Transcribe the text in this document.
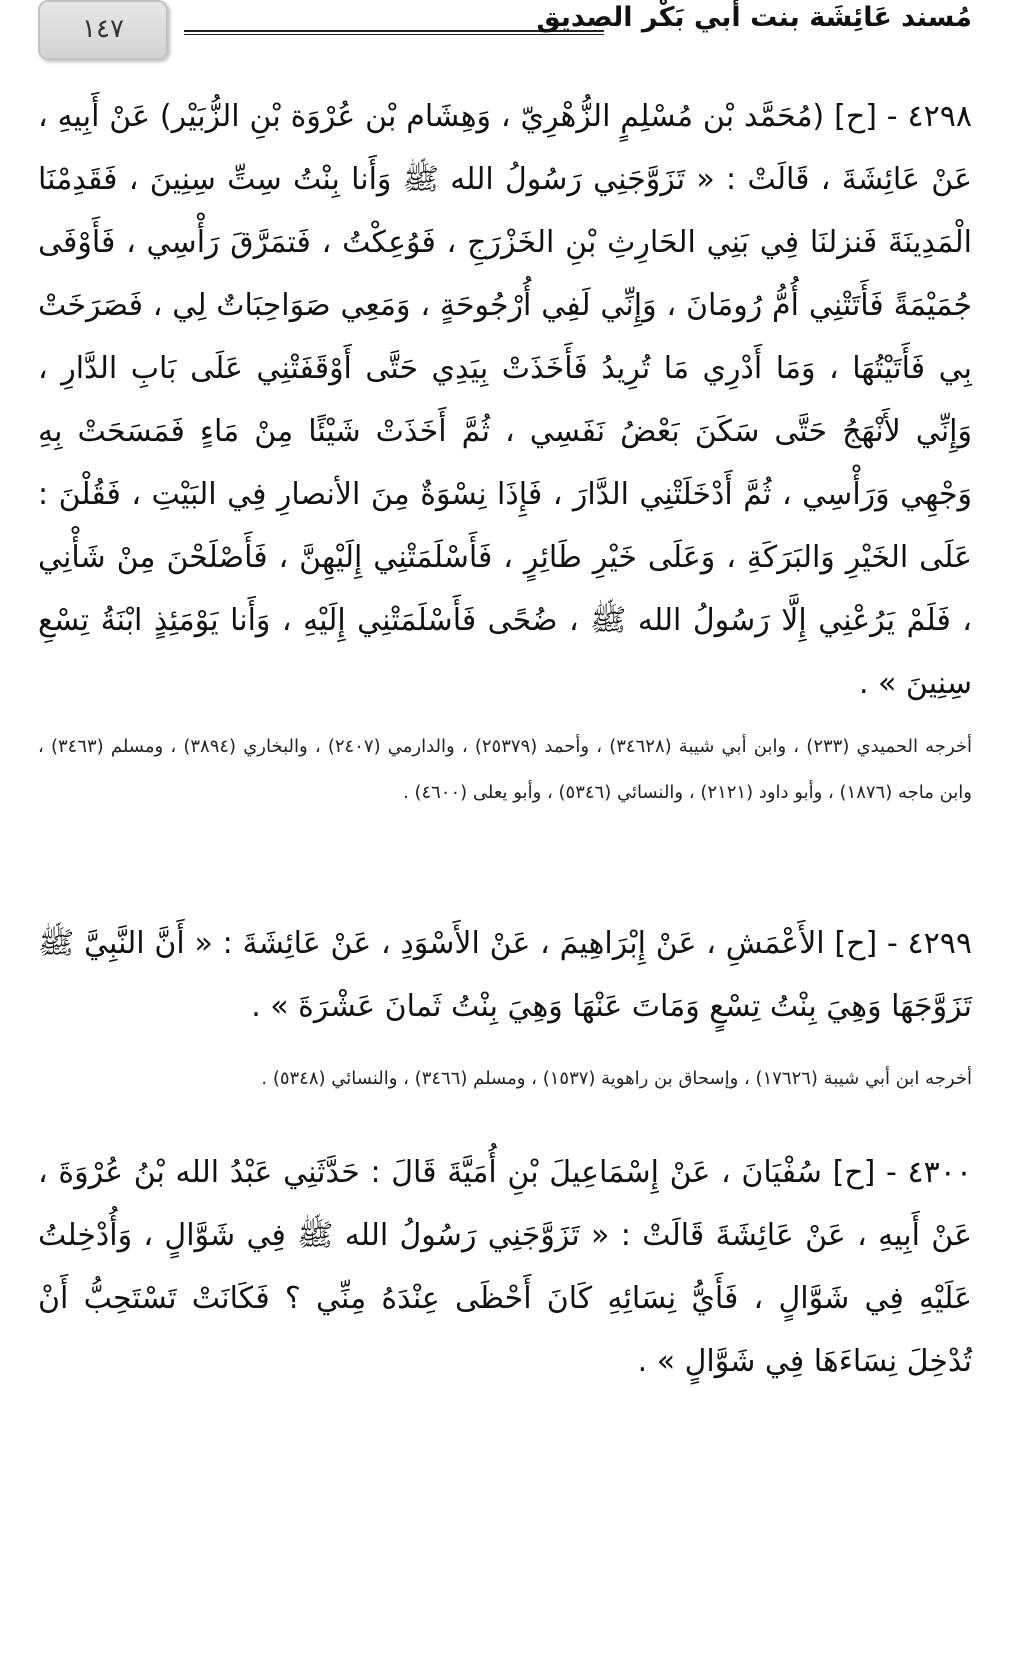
١٤٧	مُسند عَائِشَة بنت أبي بَكْر الصديق

٤٢٩٨ - [ح] (مُحَمَّد بْن مُسْلِمٍ الزُّهْرِيّ ، وَهِشَام بْن عُرْوَة بْنِ الزُّبَيْر) عَنْ أَبِيهِ ، عَنْ عَائِشَةَ ، قَالَتْ : « تَزَوَّجَنِي رَسُولُ الله ﷺ وَأَنا بِنْتُ سِتِّ سِنِينَ ، فَقَدِمْنَا الْمَدِينَةَ فَنزلنَا فِي بَنِي الحَارِثِ بْنِ الخَزْرَجِ ، فَوُعِكْتُ ، فَتمَرَّقَ رَأْسِي ، فَأَوْفَى جُمَيْمَةً فَأَتَتْنِي أُمُّ رُومَانَ ، وَإِنِّي لَفِي أُرْجُوحَةٍ ، وَمَعِي صَوَاحِبَاتٌ لِي ، فَصَرَخَتْ بِي فَأَتَيْتُهَا ، وَمَا أَدْرِي مَا تُرِيدُ فَأَخَذَتْ بِيَدِي حَتَّى أَوْقَفَتْنِي عَلَى بَابِ الدَّارِ ، وَإِنِّي لأَنْهَجُ حَتَّى سَكَنَ بَعْضُ نَفَسِي ، ثُمَّ أَخَذَتْ شَيْئًا مِنْ مَاءٍ فَمَسَحَتْ بِهِ وَجْهِي وَرَأْسِي ، ثُمَّ أَدْخَلَتْنِي الدَّارَ ، فَإِذَا نِسْوَةٌ مِنَ الأنصارِ فِي البَيْتِ ، فَقُلْنَ : عَلَى الخَيْرِ وَالبَرَكَةِ ، وَعَلَى خَيْرِ طَائِرٍ ، فَأَسْلَمَتْنِي إِلَيْهِنَّ ، فَأَصْلَحْنَ مِنْ شَأْنِي ، فَلَمْ يَرُعْنِي إِلَّا رَسُولُ الله ﷺ ، ضُحًى فَأَسْلَمَتْنِي إِلَيْهِ ، وَأَنا يَوْمَئِذٍ ابْنَةُ تِسْعِ سِنِينَ » .

أخرجه الحميدي (٢٣٣) ، وابن أبي شيبة (٣٤٦٢٨) ، وأحمد (٢٥٣٧٩) ، والدارمي (٢٤٠٧) ، والبخاري (٣٨٩٤) ، ومسلم (٣٤٦٣) ، وابن ماجه (١٨٧٦) ، وأبو داود (٢١٢١) ، والنسائي (٥٣٤٦) ، وأبو يعلى (٤٦٠٠) .

٤٢٩٩ - [ح] الأَعْمَشِ ، عَنْ إِبْرَاهِيمَ ، عَنْ الأَسْوَدِ ، عَنْ عَائِشَةَ : « أَنَّ النَّبِيَّ ﷺ تَزَوَّجَهَا وَهِيَ بِنْتُ تِسْعٍ وَمَاتَ عَنْهَا وَهِيَ بِنْتُ ثَمانَ عَشْرَةَ » .

أخرجه ابن أبي شيبة (١٧٦٢٦) ، وإسحاق بن راهوية (١٥٣٧) ، ومسلم (٣٤٦٦) ، والنسائي (٥٣٤٨) .

٤٣٠٠ - [ح] سُفْيَانَ ، عَنْ إِسْمَاعِيلَ بْنِ أُمَيَّةَ قَالَ : حَدَّثَنِي عَبْدُ الله بْنُ عُرْوَةَ ، عَنْ أَبِيهِ ، عَنْ عَائِشَةَ قَالَتْ : « تَزَوَّجَنِي رَسُولُ الله ﷺ فِي شَوَّالٍ ، وَأُدْخِلتُ عَلَيْهِ فِي شَوَّالٍ ، فَأَيُّ نِسَائِهِ كَانَ أَحْظَى عِنْدَهُ مِنِّي ؟ فَكَانَتْ تَسْتَحِبُّ أَنْ تُدْخِلَ نِسَاءَهَا فِي شَوَّالٍ » .
